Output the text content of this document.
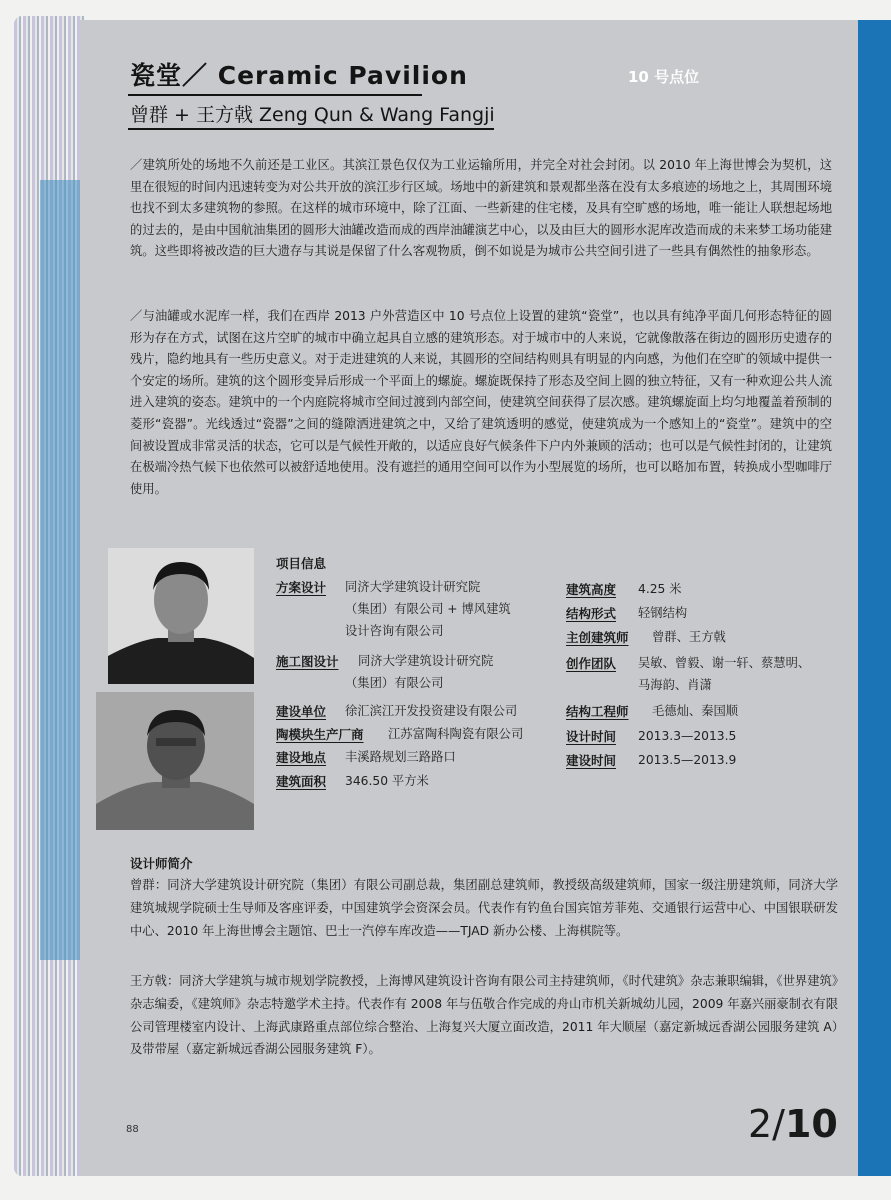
瓷堂／ Ceramic Pavilion
曾群 + 王方戟 Zeng Qun & Wang Fangji
10 号点位
／建筑所处的场地不久前还是工业区。其滨江景色仅仅为工业运输所用，并完全对社会封闭。以 2010 年上海世博会为契机，这里在很短的时间内迅速转变为对公共开放的滨江步行区域。场地中的新建筑和景观都坐落在没有太多痕迹的场地之上，其周围环境也找不到太多建筑物的参照。在这样的城市环境中，除了江面、一些新建的住宅楼，及具有空旷感的场地，唯一能让人联想起场地的过去的，是由中国航油集团的圆形大油罐改造而成的西岸油罐演艺中心，以及由巨大的圆形水泥库改造而成的未来梦工场功能建筑。这些即将被改造的巨大遗存与其说是保留了什么客观物质，倒不如说是为城市公共空间引进了一些具有偶然性的抽象形态。
／与油罐或水泥库一样，我们在西岸 2013 户外营造区中 10 号点位上设置的建筑“瓷堂”，也以具有纯净平面几何形态特征的圆形为存在方式，试图在这片空旷的城市中确立起具自立感的建筑形态。对于城市中的人来说，它就像散落在街边的圆形历史遗存的残片，隐约地具有一些历史意义。对于走进建筑的人来说，其圆形的空间结构则具有明显的内向感，为他们在空旷的领域中提供一个安定的场所。建筑的这个圆形变异后形成一个平面上的螺旋。螺旋既保持了形态及空间上圆的独立特征，又有一种欢迎公共人流进入建筑的姿态。建筑中的一个内庭院将城市空间过渡到内部空间，使建筑空间获得了层次感。建筑螺旋面上均匀地覆盖着预制的菱形“瓷器”。光线透过“瓷器”之间的缝隙洒进建筑之中，又给了建筑透明的感觉，使建筑成为一个感知上的“瓷堂”。建筑中的空间被设置成非常灵活的状态，它可以是气候性开敞的，以适应良好气候条件下户内外兼顾的活动；也可以是气候性封闭的，让建筑在极端冷热气候下也依然可以被舒适地使用。没有遮拦的通用空间可以作为小型展览的场所，也可以略加布置，转换成小型咖啡厅使用。
项目信息
方案设计 同济大学建筑设计研究院
（集团）有限公司 + 博风建筑
设计咨询有限公司
施工图设计 同济大学建筑设计研究院
（集团）有限公司
建设单位 徐汇滨江开发投资建设有限公司
陶模块生产厂商 江苏富陶科陶瓷有限公司
建设地点 丰溪路规划三路路口
建筑面积 346.50 平方米
建筑高度 4.25 米
结构形式 轻钢结构
主创建筑师 曾群、王方戟
创作团队 吴敏、曾毅、谢一轩、蔡慧明、
马海韵、肖潇
结构工程师 毛德灿、秦国顺
设计时间 2013.3—2013.5
建设时间 2013.5—2013.9
设计师简介
曾群：同济大学建筑设计研究院（集团）有限公司副总裁，集团副总建筑师，教授级高级建筑师，国家一级注册建筑师，同济大学建筑城规学院硕士生导师及客座评委，中国建筑学会资深会员。代表作有钓鱼台国宾馆芳菲苑、交通银行运营中心、中国银联研发中心、2010 年上海世博会主题馆、巴士一汽停车库改造——TJAD 新办公楼、上海棋院等。
王方戟：同济大学建筑与城市规划学院教授，上海博风建筑设计咨询有限公司主持建筑师，《时代建筑》杂志兼职编辑，《世界建筑》杂志编委，《建筑师》杂志特邀学术主持。代表作有 2008 年与伍敬合作完成的舟山市机关新城幼儿园，2009 年嘉兴丽豪制衣有限公司管理楼室内设计、上海武康路重点部位综合整治、上海复兴大厦立面改造，2011 年大顺屋（嘉定新城远香湖公园服务建筑 A）及带带屋（嘉定新城远香湖公园服务建筑 F）。
88	2/10
